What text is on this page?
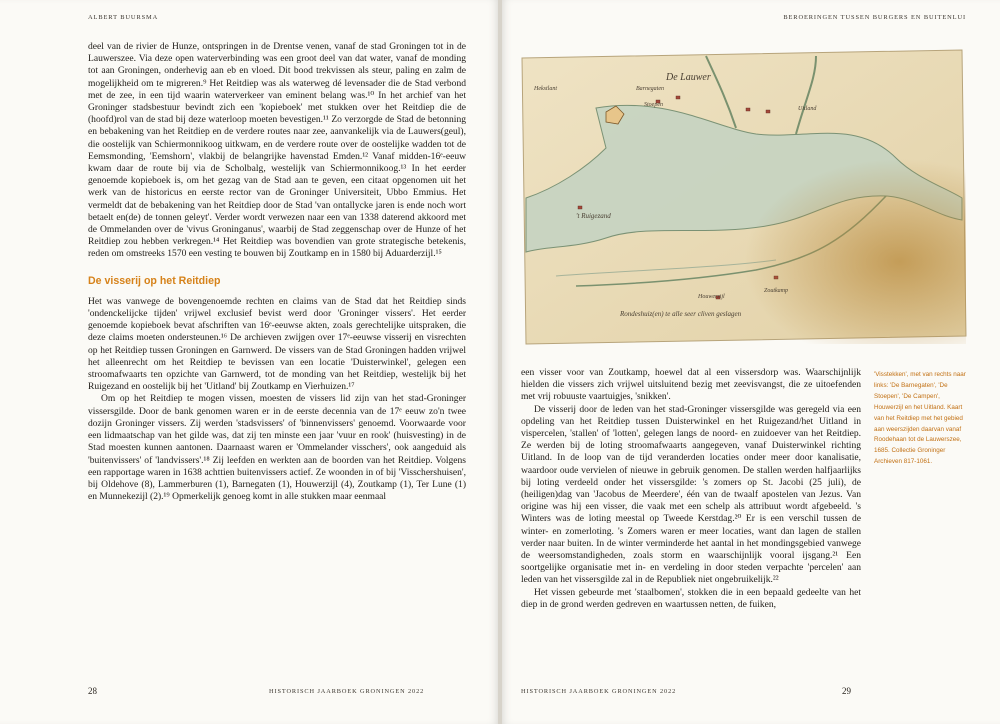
ALBERT BUURSMA

deel van de rivier de Hunze, ontspringen in de Drentse venen, vanaf de stad Groningen tot in de Lauwerszee. Via deze open waterverbinding was een groot deel van dat water, vanaf de monding tot aan Groningen, onderhevig aan eb en vloed. Dit bood trekvissen als steur, paling en zalm de mogelijkheid om te migreren.⁹ Het Reitdiep was als waterweg dé levensader die de Stad verbond met de zee, in een tijd waarin waterverkeer van eminent belang was.¹⁰ In het archief van het Groninger stadsbestuur bevindt zich een 'kopieboek' met stukken over het Reitdiep die de (hoofd)rol van de stad bij deze waterloop moeten bevestigen.¹¹ Zo verzorgde de Stad de betonning en bebakening van het Reitdiep en de verdere routes naar zee, aanvankelijk via de Lauwers(geul), die oostelijk van Schiermonnikoog uitkwam, en de verdere route over de oostelijke wadden tot de Eemsmonding, 'Eemshorn', vlakbij de belangrijke havenstad Emden.¹² Vanaf midden-16ᵉ-eeuw kwam daar de route bij via de Scholbalg, westelijk van Schiermonnikoog.¹³ In het eerder genoemde kopieboek is, om het gezag van de Stad aan te geven, een citaat opgenomen uit het werk van de historicus en eerste rector van de Groninger Universiteit, Ubbo Emmius. Het vermeldt dat de bebakening van het Reitdiep door de Stad 'van ontallycke jaren is ende noch wort betaelt en(de) de tonnen geleyt'. Verder wordt verwezen naar een van 1338 daterend akkoord met de Ommelanden over de 'vivus Groninganus', waarbij de Stad zeggenschap over de Hunze of het Reitdiep zou hebben verkregen.¹⁴ Het Reitdiep was bovendien van grote strategische betekenis, reden om omstreeks 1570 een vesting te bouwen bij Zoutkamp en in 1580 bij Aduarderzijl.¹⁵

De visserij op het Reitdiep

Het was vanwege de bovengenoemde rechten en claims van de Stad dat het Reitdiep sinds 'ondenckelijcke tijden' vrijwel exclusief bevist werd door 'Groninger vissers'. Het eerder genoemde kopieboek bevat afschriften van 16ᵉ-eeuwse akten, zoals gerechtelijke uitspraken, die deze claims moeten ondersteunen.¹⁶ De archieven zwijgen over 17ᵉ-eeuwse visserij en visrechten op het Reitdiep tussen Groningen en Garnwerd. De vissers van de Stad Groningen hadden vrijwel het alleenrecht om het Reitdiep te bevissen van een locatie 'Duisterwinkel', gelegen een stroomafwaarts ten opzichte van Garnwerd, tot de monding van het Reitdiep, westelijk bij het Ruigezand en oostelijk bij het 'Uitland' bij Zoutkamp en Vierhuizen.¹⁷

Om op het Reitdiep te mogen vissen, moesten de vissers lid zijn van het stad-Groninger vissersgilde. Door de bank genomen waren er in de eerste decennia van de 17ᵉ eeuw zo'n twee dozijn Groninger vissers. Zij werden 'stadsvissers' of 'binnenvissers' genoemd. Voorwaarde voor een lidmaatschap van het gilde was, dat zij ten minste een jaar 'vuur en rook' (huisvesting) in de Stad moesten kunnen aantonen. Daarnaast waren er 'Ommelander visschers', ook aangeduid als 'buitenvissers' of 'landvissers'.¹⁸ Zij leefden en werkten aan de boorden van het Reitdiep. Volgens een rapportage waren in 1638 achttien buitenvissers actief. Ze woonden in of bij 'Visschershuisen', bij Oldehove (8), Lammerburen (1), Barnegaten (1), Houwerzijl (4), Zoutkamp (1), Ter Lune (1) en Munnekezijl (2).¹⁹ Opmerkelijk genoeg komt in alle stukken maar eenmaal

28	HISTORISCH JAARBOEK GRONINGEN 2022
BEROERINGEN TUSSEN BURGERS EN BUITENLUI
De Lauwer
Hekstlant	Barnegaten
Stoepen
't Ruigezand
Uitland
Houwerzijl
Zoutkamp
Rondeshuiz(en) te alle seer cliven geslagen

een visser voor van Zoutkamp, hoewel dat al een vissersdorp was. Waarschijnlijk hielden die vissers zich vrijwel uitsluitend bezig met zeevisvangst, die ze uitoefenden met vrij robuuste vaartuigjes, 'snikken'.

De visserij door de leden van het stad-Groninger vissersgilde was geregeld via een opdeling van het Reitdiep tussen Duisterwinkel en het Ruigezand/het Uitland in vispercelen, 'stallen' of 'lotten', gelegen langs de noord- en zuidoever van het Reitdiep. Ze werden bij de loting stroomafwaarts aangegeven, vanaf Duisterwinkel richting Uitland. In de loop van de tijd veranderden locaties onder meer door kanalisatie, waardoor oude vervielen of nieuwe in gebruik genomen. De stallen werden halfjaarlijks bij loting verdeeld onder het vissersgilde: 's zomers op St. Jacobi (25 juli), de (heiligen)dag van 'Jacobus de Meerdere', één van de twaalf apostelen van Jezus. Van origine was hij een visser, die vaak met een schelp als attribuut wordt afgebeeld. 's Winters was de loting meestal op Tweede Kerstdag.²⁰ Er is een verschil tussen de winter- en zomerloting. 's Zomers waren er meer locaties, want dan lagen de stallen verder naar buiten. In de winter verminderde het aantal in het mondingsgebied vanwege de weersomstandigheden, zoals storm en waarschijnlijk vooral ijsgang.²¹ Een soortgelijke organisatie met in- en verdeling in door steden verpachte 'percelen' aan leden van het vissersgilde zal in de Republiek niet ongebruikelijk.²²

Het vissen gebeurde met 'staalbomen', stokken die in een bepaald gedeelte van het diep in de grond werden gedreven en waartussen netten, de fuiken,

'Visstekken', met van rechts naar links: 'De Barnegaten', 'De Stoepen', 'De Campen', Houwerzijl en het Uitland. Kaart van het Reitdiep met het gebied aan weerszijden daarvan vanaf Roodehaan tot de Lauwerszee, 1685. Collectie Groninger Archieven 817-1061.
HISTORISCH JAARBOEK GRONINGEN 2022	29
